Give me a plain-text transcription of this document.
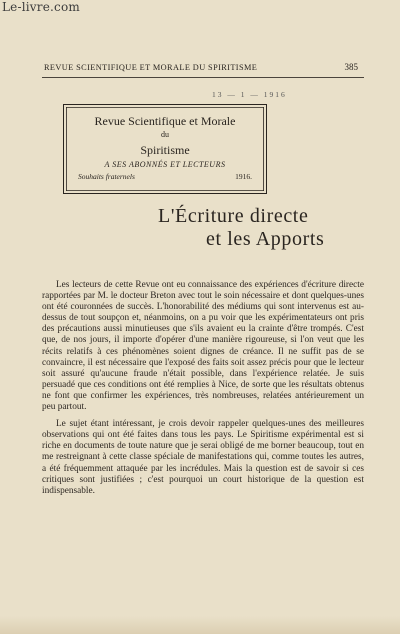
Le-livre.com
REVUE SCIENTIFIQUE ET MORALE DU SPIRITISME	385
13 — 1 — 1916
Revue Scientifique et Morale
du
Spiritisme
A SES ABONNÉS ET LECTEURS
Souhaits fraternels	1916.
L'Écriture directe
et les Apports

Les lecteurs de cette Revue ont eu connaissance des expériences d'écriture directe rapportées par M. le docteur Breton avec tout le soin nécessaire et dont quelques-unes ont été couronnées de succès. L'honorabilité des médiums qui sont intervenus est au-dessus de tout soupçon et, néanmoins, on a pu voir que les expérimentateurs ont pris des précautions aussi minutieuses que s'ils avaient eu la crainte d'être trompés. C'est que, de nos jours, il importe d'opérer d'une manière rigoureuse, si l'on veut que les récits relatifs à ces phénomènes soient dignes de créance. Il ne suffit pas de se convaincre, il est nécessaire que l'exposé des faits soit assez précis pour que le lecteur soit assuré qu'aucune fraude n'était possible, dans l'expérience relatée. Je suis persuadé que ces conditions ont été remplies à Nice, de sorte que les résultats obtenus ne font que confirmer les expériences, très nombreuses, relatées antérieurement un peu partout.

Le sujet étant intéressant, je crois devoir rappeler quelques-unes des meilleures observations qui ont été faites dans tous les pays. Le Spiritisme expérimental est si riche en documents de toute nature que je serai obligé de me borner beaucoup, tout en me restreignant à cette classe spéciale de manifestations qui, comme toutes les autres, a été fréquemment attaquée par les incrédules. Mais la question est de savoir si ces critiques sont justifiées ; c'est pourquoi un court historique de la question est indispensable.
